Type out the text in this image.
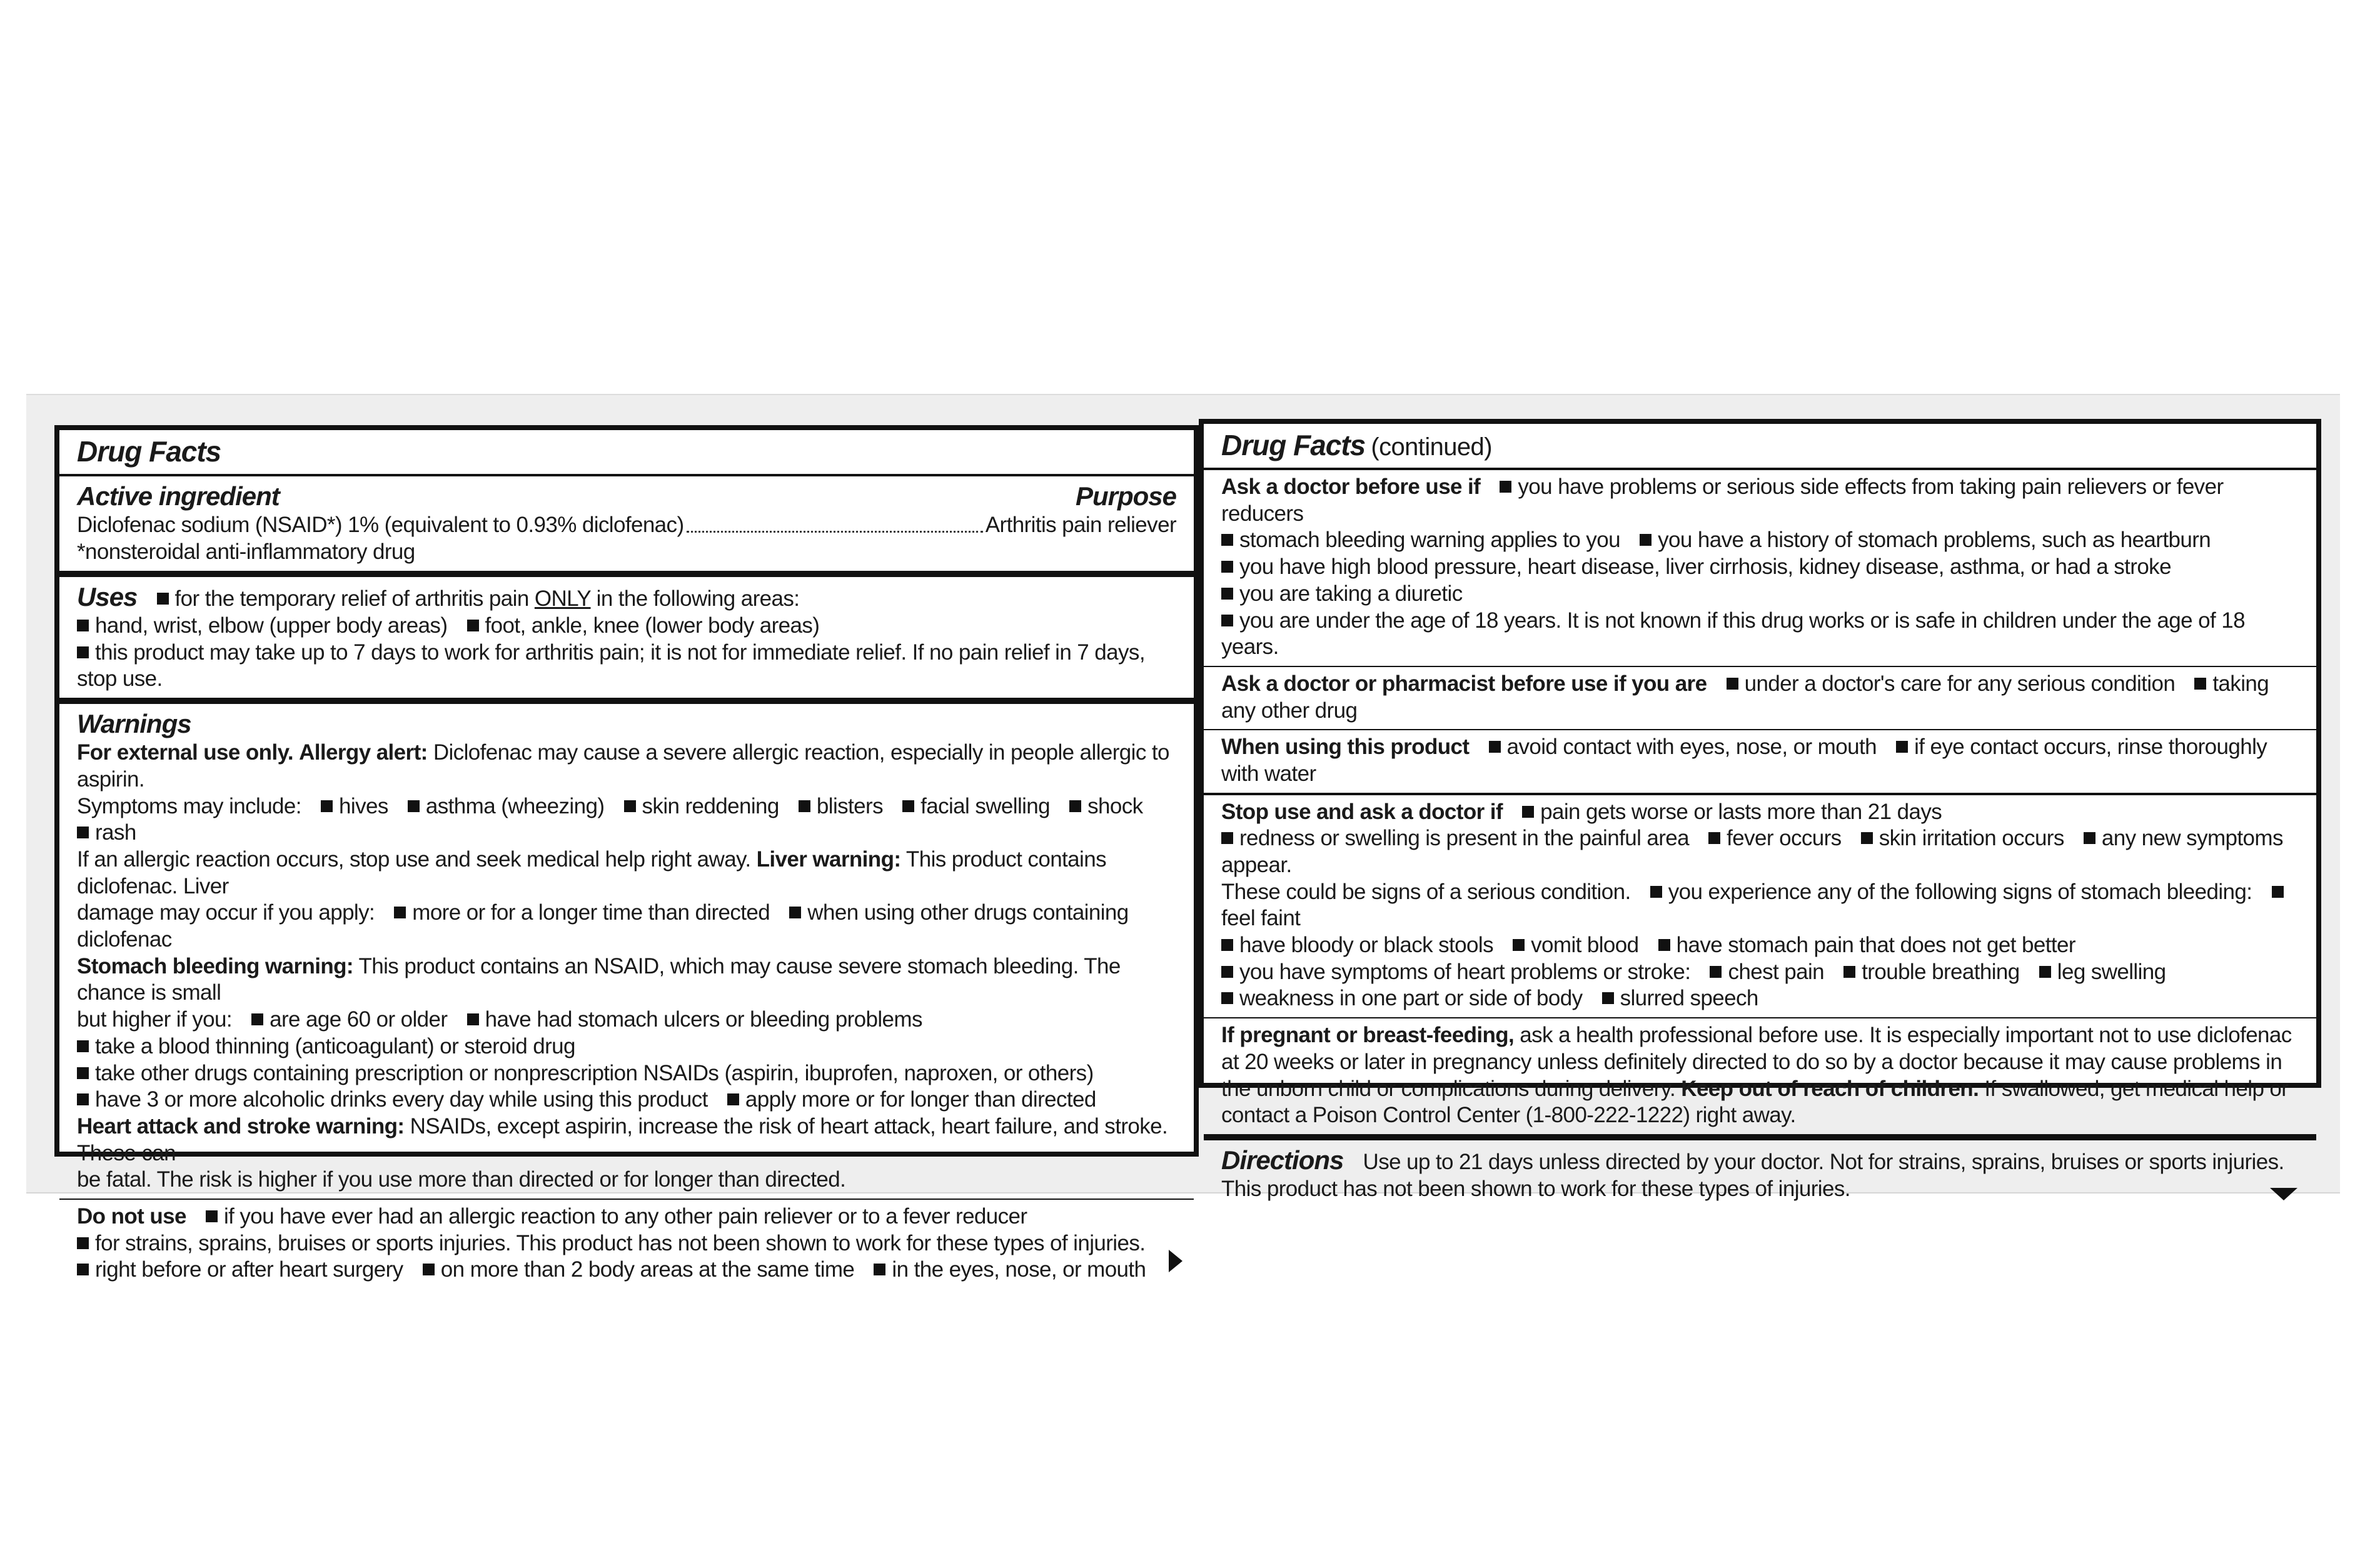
Drug Facts
Active ingredient	Purpose
Diclofenac sodium (NSAID*) 1% (equivalent to 0.93% diclofenac)	Arthritis pain reliever
*nonsteroidal anti-inflammatory drug
Uses for the temporary relief of arthritis pain ONLY in the following areas:
hand, wrist, elbow (upper body areas) foot, ankle, knee (lower body areas)
this product may take up to 7 days to work for arthritis pain; it is not for immediate relief. If no pain relief in 7 days, stop use.
Warnings
For external use only. Allergy alert: Diclofenac may cause a severe allergic reaction, especially in people allergic to aspirin.
Symptoms may include: hives asthma (wheezing) skin reddening blisters facial swelling shock rash
If an allergic reaction occurs, stop use and seek medical help right away. Liver warning: This product contains diclofenac. Liver
damage may occur if you apply: more or for a longer time than directed when using other drugs containing diclofenac
Stomach bleeding warning: This product contains an NSAID, which may cause severe stomach bleeding. The chance is small
but higher if you: are age 60 or older have had stomach ulcers or bleeding problems
take a blood thinning (anticoagulant) or steroid drug
take other drugs containing prescription or nonprescription NSAIDs (aspirin, ibuprofen, naproxen, or others)
have 3 or more alcoholic drinks every day while using this product apply more or for longer than directed
Heart attack and stroke warning: NSAIDs, except aspirin, increase the risk of heart attack, heart failure, and stroke. These can
be fatal. The risk is higher if you use more than directed or for longer than directed.
Do not use if you have ever had an allergic reaction to any other pain reliever or to a fever reducer
for strains, sprains, bruises or sports injuries. This product has not been shown to work for these types of injuries.
right before or after heart surgery on more than 2 body areas at the same time in the eyes, nose, or mouth
Drug Facts (continued)
Ask a doctor before use if you have problems or serious side effects from taking pain relievers or fever reducers
stomach bleeding warning applies to you you have a history of stomach problems, such as heartburn
you have high blood pressure, heart disease, liver cirrhosis, kidney disease, asthma, or had a stroke
you are taking a diuretic
you are under the age of 18 years. It is not known if this drug works or is safe in children under the age of 18 years.
Ask a doctor or pharmacist before use if you are under a doctor's care for any serious condition taking any other drug
When using this product avoid contact with eyes, nose, or mouth if eye contact occurs, rinse thoroughly with water
Stop use and ask a doctor if pain gets worse or lasts more than 21 days
redness or swelling is present in the painful area fever occurs skin irritation occurs any new symptoms appear.
These could be signs of a serious condition. you experience any of the following signs of stomach bleeding: feel faint
have bloody or black stools vomit blood have stomach pain that does not get better
you have symptoms of heart problems or stroke: chest pain trouble breathing leg swelling
weakness in one part or side of body slurred speech
If pregnant or breast-feeding, ask a health professional before use. It is especially important not to use diclofenac at 20 weeks or later in pregnancy unless definitely directed to do so by a doctor because it may cause problems in the unborn child or complications during delivery. Keep out of reach of children. If swallowed, get medical help or contact a Poison Control Center (1-800-222-1222) right away.
Directions Use up to 21 days unless directed by your doctor. Not for strains, sprains, bruises or sports injuries. This product has not been shown to work for these types of injuries.
